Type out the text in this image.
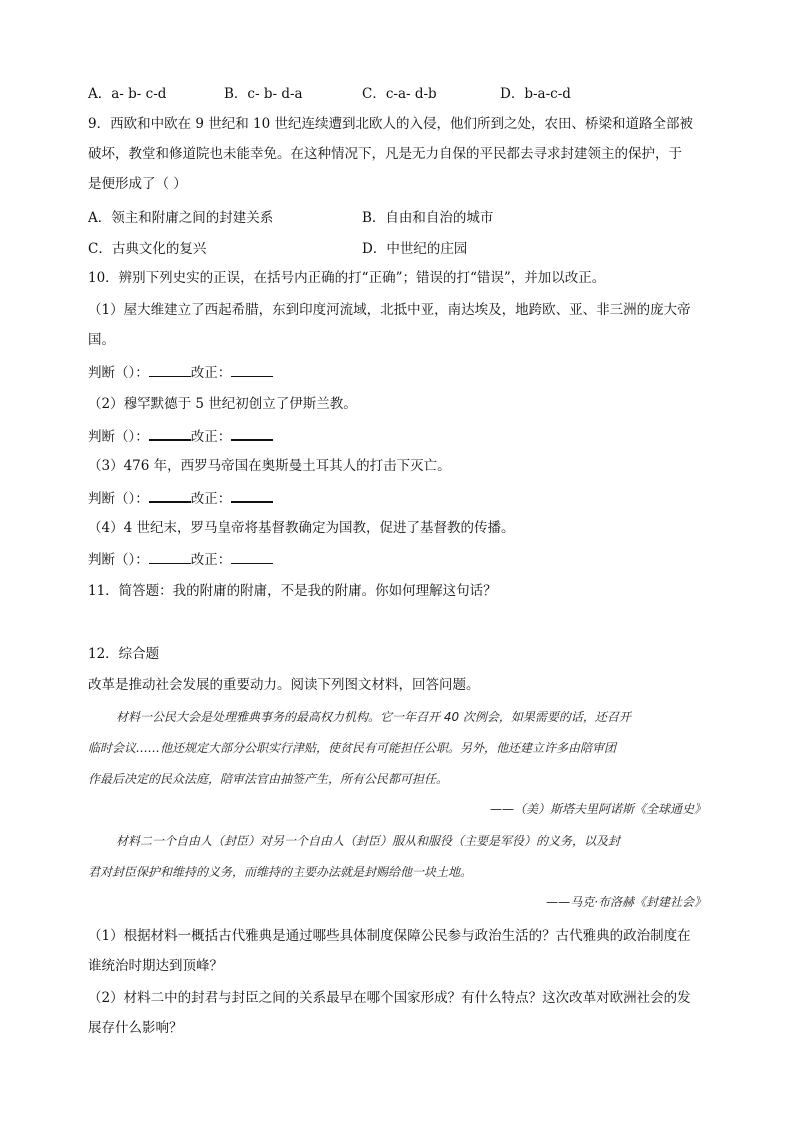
A．a- b- c-d	B．c- b- d-a	C．c-a- d-b	D．b-a-c-d
9．西欧和中欧在 9 世纪和 10 世纪连续遭到北欧人的入侵，他们所到之处，农田、桥梁和道路全部被
破坏，教堂和修道院也未能幸免。在这种情况下，凡是无力自保的平民都去寻求封建领主的保护，于
是便形成了（ ）
A．领主和附庸之间的封建关系	B．自由和自治的城市
C．古典文化的复兴	D．中世纪的庄园
10．辨别下列史实的正误，在括号内正确的打“正确”；错误的打“错误”，并加以改正。
（1）屋大维建立了西起希腊，东到印度河流域，北抵中亚，南达埃及，地跨欧、亚、非三洲的庞大帝
国。
判断（）：	改正：
（2）穆罕默德于 5 世纪初创立了伊斯兰教。
判断（）：	改正：
（3）476 年，西罗马帝国在奥斯曼土耳其人的打击下灭亡。
判断（）：	改正：
（4）4 世纪末，罗马皇帝将基督教确定为国教，促进了基督教的传播。
判断（）：	改正：
11．简答题：我的附庸的附庸，不是我的附庸。你如何理解这句话？
12．综合题
改革是推动社会发展的重要动力。阅读下列图文材料，回答问题。
材料一公民大会是处理雅典事务的最高权力机构。它一年召开 40 次例会，如果需要的话，还召开
临时会议……他还规定大部分公职实行津贴，使贫民有可能担任公职。另外，他还建立许多由陪审团
作最后决定的民众法庭，陪审法官由抽签产生，所有公民都可担任。
——（美）斯塔夫里阿诺斯《全球通史》
材料二一个自由人（封臣）对另一个自由人（封臣）服从和服役（主要是军役）的义务，以及封
君对封臣保护和维持的义务，而维持的主要办法就是封赐给他一块土地。
——马克·布洛赫《封建社会》
（1）根据材料一概括古代雅典是通过哪些具体制度保障公民参与政治生活的？古代雅典的政治制度在
谁统治时期达到顶峰？
（2）材料二中的封君与封臣之间的关系最早在哪个国家形成？有什么特点？这次改革对欧洲社会的发
展存什么影响？
